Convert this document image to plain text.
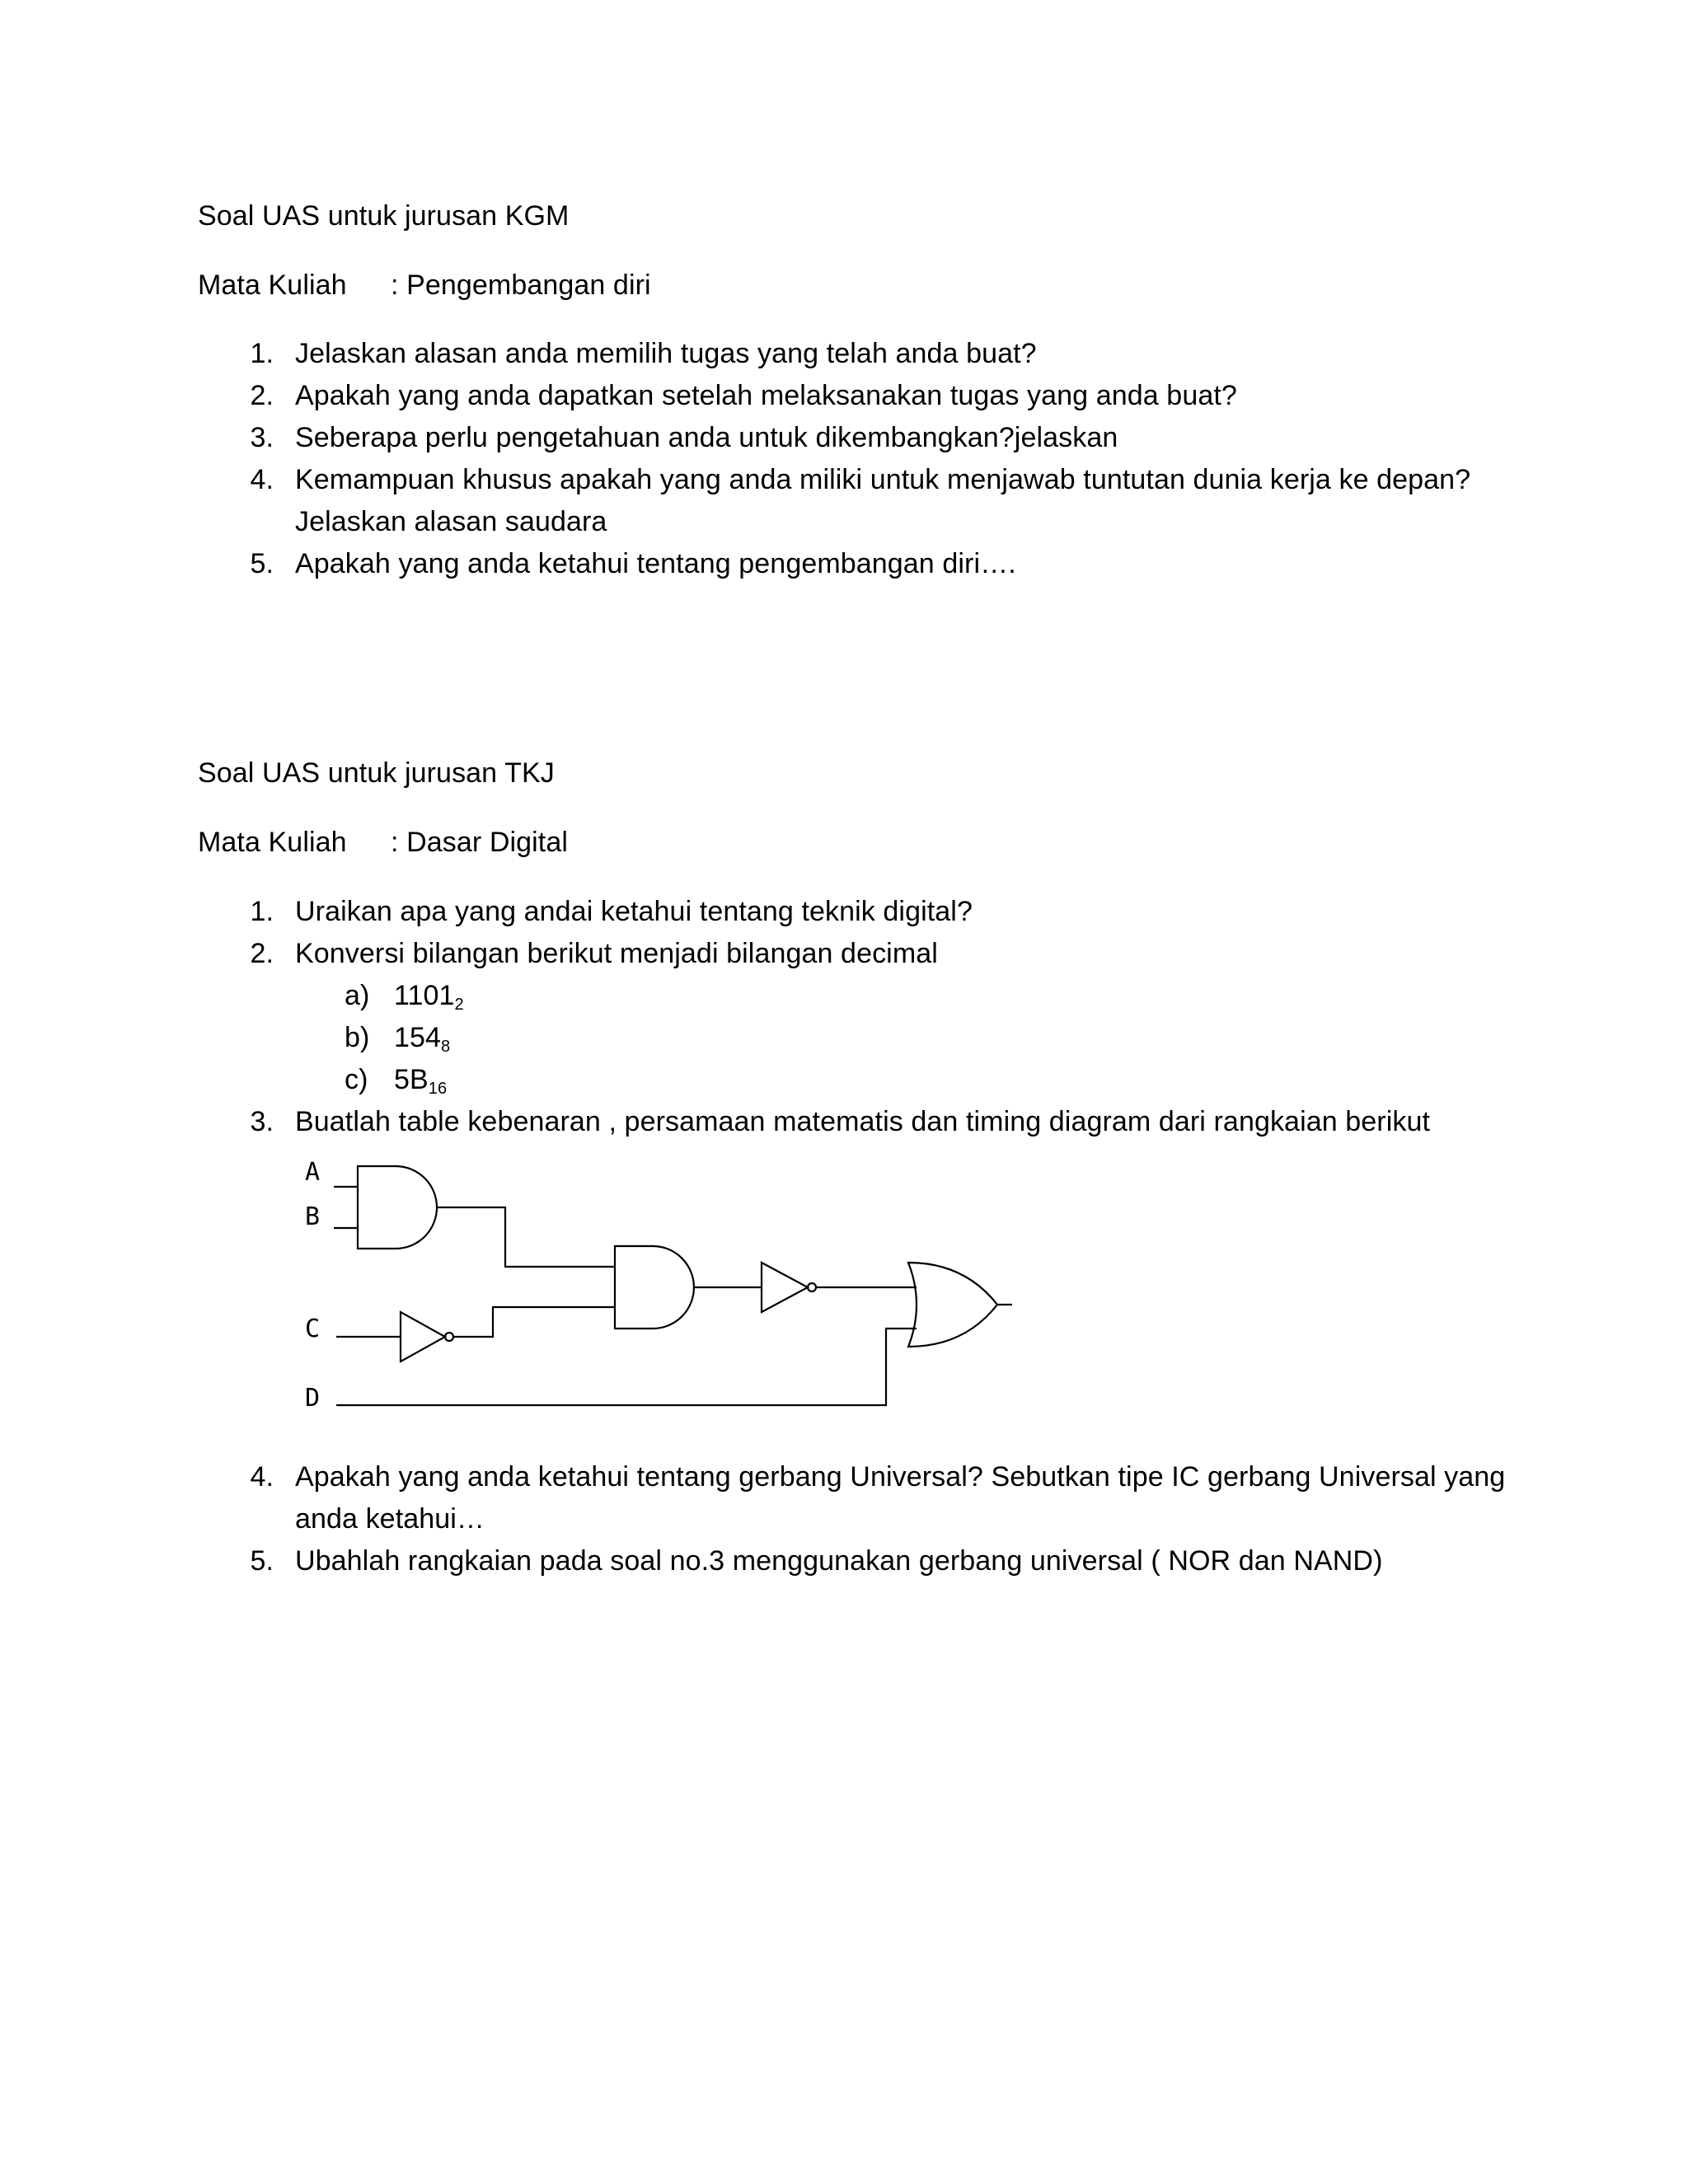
Soal UAS untuk jurusan KGM
Mata Kuliah : Pengembangan diri
1. Jelaskan alasan anda memilih tugas yang telah anda buat?
2. Apakah yang anda dapatkan setelah melaksanakan tugas yang anda buat?
3. Seberapa perlu pengetahuan anda untuk dikembangkan?jelaskan
4. Kemampuan khusus apakah yang anda miliki untuk menjawab tuntutan dunia kerja ke depan?
Jelaskan alasan saudara
5. Apakah yang anda ketahui tentang pengembangan diri….
Soal UAS untuk jurusan TKJ
Mata Kuliah : Dasar Digital
1. Uraikan apa yang andai ketahui tentang teknik digital?
2. Konversi bilangan berikut menjadi bilangan decimal
a) $1101_2$
b) $154_8$
c) $5B_{16}$
3. Buatlah table kebenaran , persamaan matematis dan timing diagram dari rangkaian berikut
A
B
C
D
4. Apakah yang anda ketahui tentang gerbang Universal? Sebutkan tipe IC gerbang Universal yang
anda ketahui…
5. Ubahlah rangkaian pada soal no.3 menggunakan gerbang universal ( NOR dan NAND)
